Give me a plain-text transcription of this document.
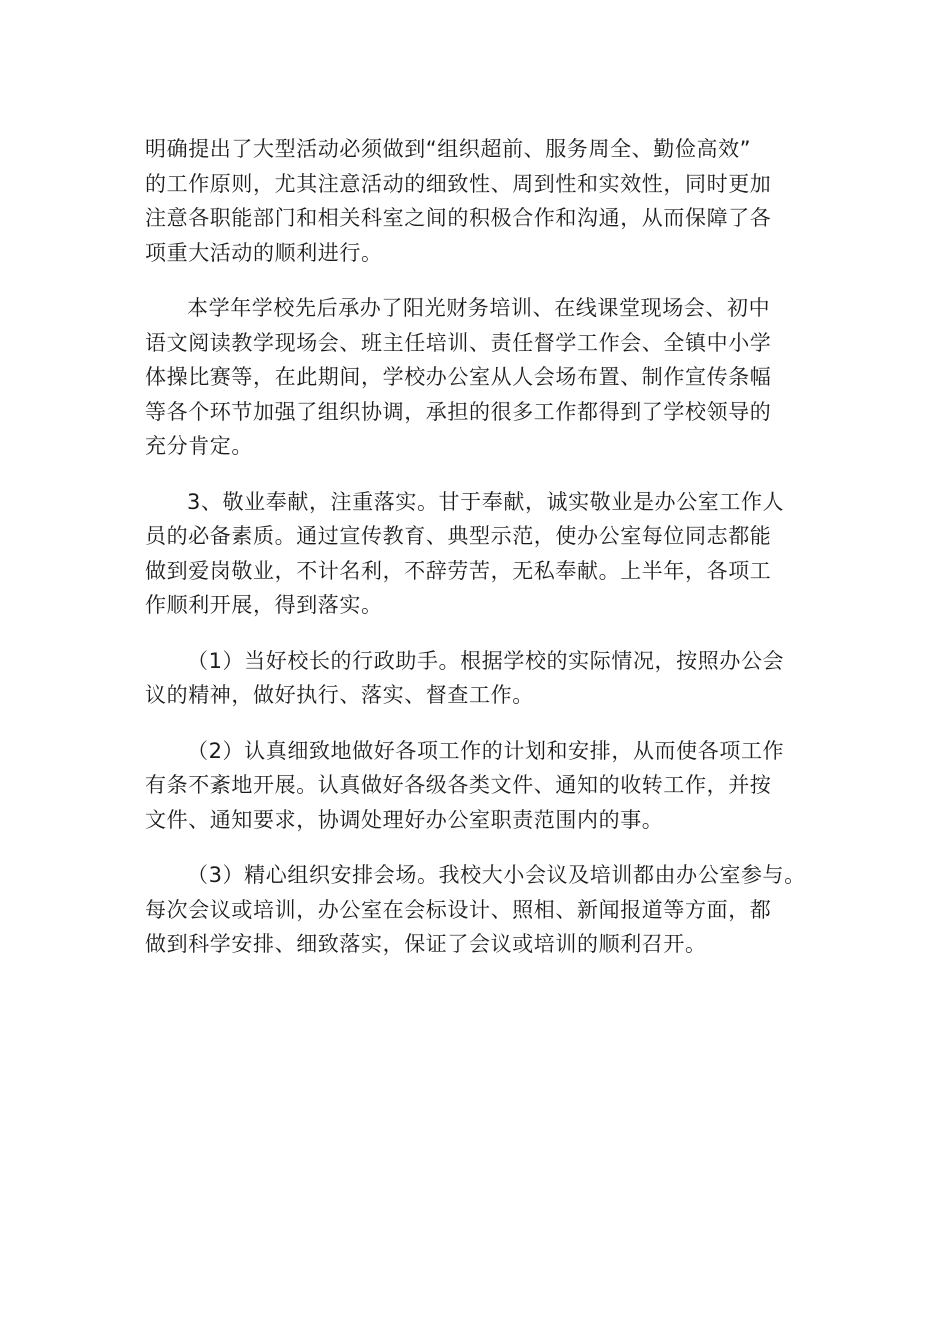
明确提出了大型活动必须做到“组织超前、服务周全、勤俭高效”
的工作原则，尤其注意活动的细致性、周到性和实效性，同时更加
注意各职能部门和相关科室之间的积极合作和沟通，从而保障了各
项重大活动的顺利进行。
本学年学校先后承办了阳光财务培训、在线课堂现场会、初中
语文阅读教学现场会、班主任培训、责任督学工作会、全镇中小学
体操比赛等，在此期间，学校办公室从人会场布置、制作宣传条幅
等各个环节加强了组织协调，承担的很多工作都得到了学校领导的
充分肯定。
3、敬业奉献，注重落实。甘于奉献，诚实敬业是办公室工作人
员的必备素质。通过宣传教育、典型示范，使办公室每位同志都能
做到爱岗敬业，不计名利，不辞劳苦，无私奉献。上半年，各项工
作顺利开展，得到落实。
（1）当好校长的行政助手。根据学校的实际情况，按照办公会
议的精神，做好执行、落实、督查工作。
（2）认真细致地做好各项工作的计划和安排，从而使各项工作
有条不紊地开展。认真做好各级各类文件、通知的收转工作，并按
文件、通知要求，协调处理好办公室职责范围内的事。
（3）精心组织安排会场。我校大小会议及培训都由办公室参与。
每次会议或培训，办公室在会标设计、照相、新闻报道等方面，都
做到科学安排、细致落实，保证了会议或培训的顺利召开。
